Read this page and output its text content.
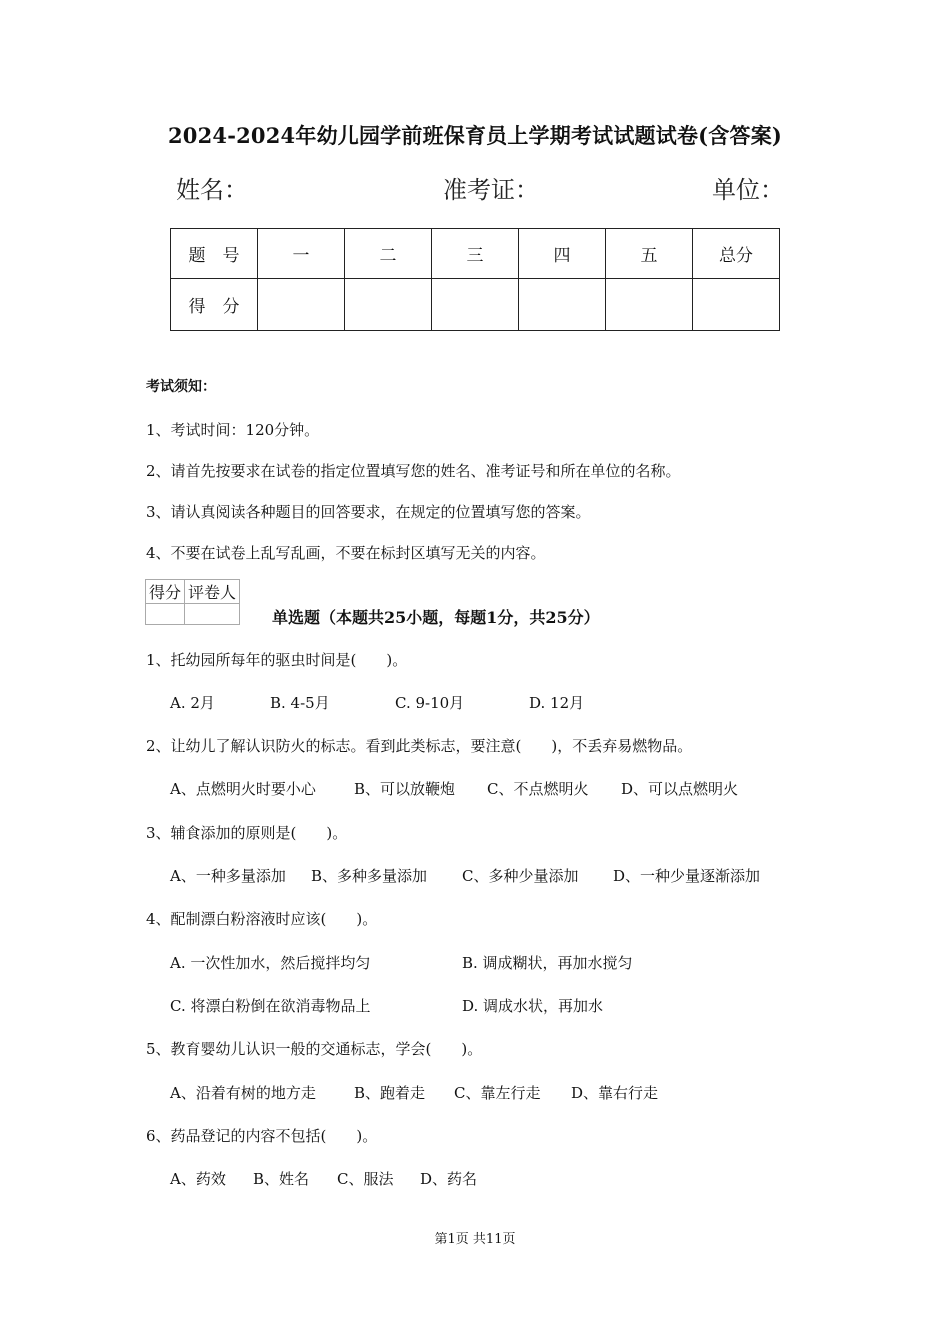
2024-2024年幼儿园学前班保育员上学期考试试题试卷(含答案)
姓名：	准考证：	单位：
题　号	一	二	三	四	五	总分
得　分						
考试须知：
1、考试时间：120分钟。
2、请首先按要求在试卷的指定位置填写您的姓名、准考证号和所在单位的名称。
3、请认真阅读各种题目的回答要求，在规定的位置填写您的答案。
4、不要在试卷上乱写乱画，不要在标封区填写无关的内容。
得分	评卷人

单选题（本题共25小题，每题1分，共25分）
1、托幼园所每年的驱虫时间是(　　)。
A. 2月	B. 4-5月	C. 9-10月	D. 12月
2、让幼儿了解认识防火的标志。看到此类标志，要注意(　　)，不丢弃易燃物品。
A、点燃明火时要小心	B、可以放鞭炮 C、不点燃明火 D、可以点燃明火
3、辅食添加的原则是(　　)。
A、一种多量添加 B、多种多量添加 C、多种少量添加 D、一种少量逐渐添加
4、配制漂白粉溶液时应该(　　)。
A. 一次性加水，然后搅拌均匀	B. 调成糊状，再加水搅匀
C. 将漂白粉倒在欲消毒物品上	D. 调成水状，再加水
5、教育婴幼儿认识一般的交通标志，学会(　　)。
A、沿着有树的地方走	B、跑着走 C、靠左行走 D、靠右行走
6、药品登记的内容不包括(　　)。
A、药效 B、姓名 C、服法 D、药名
第1页 共11页
